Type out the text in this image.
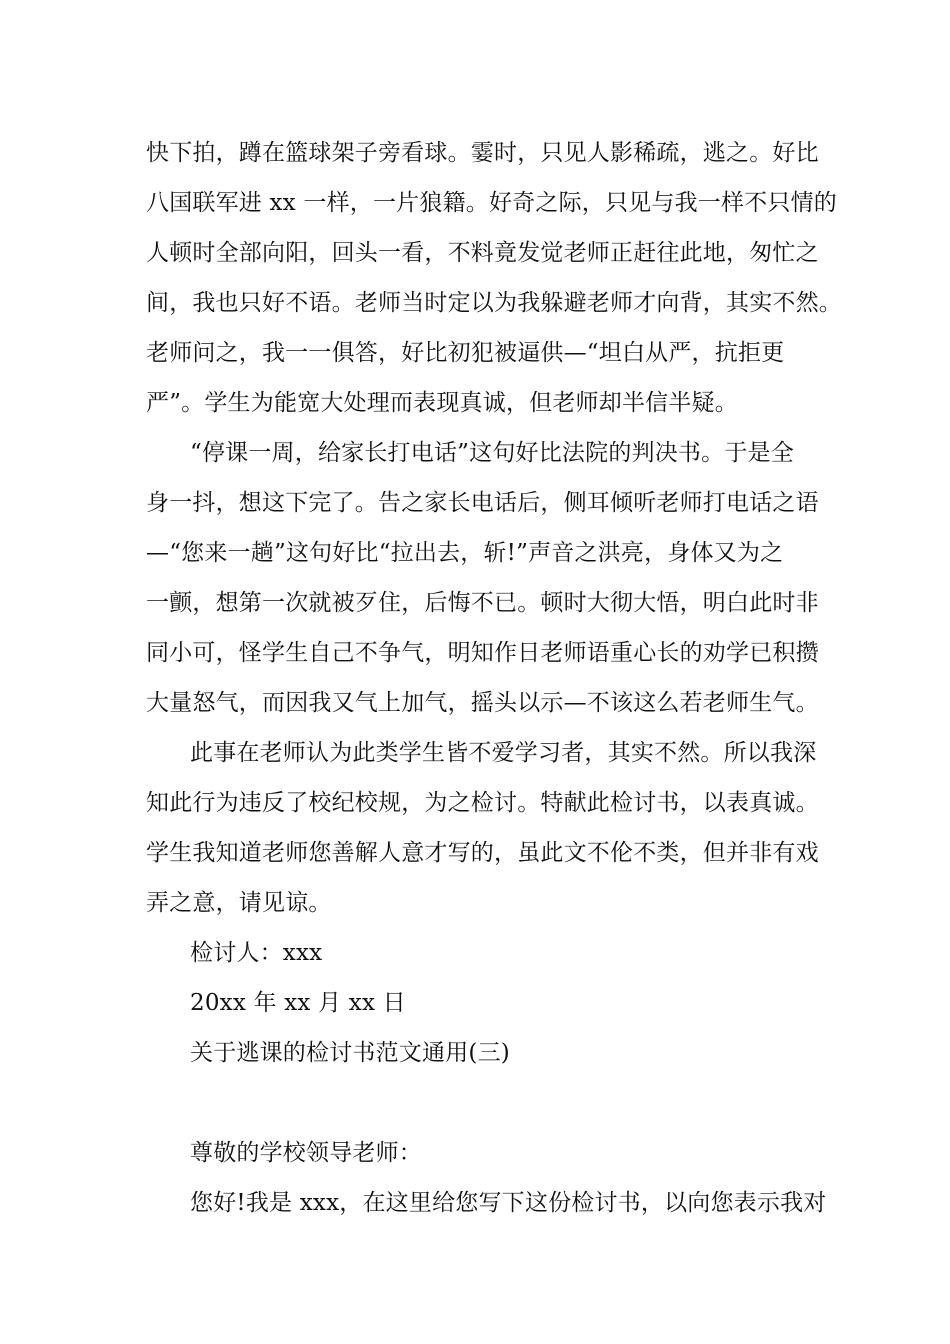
快下拍，蹲在篮球架子旁看球。霎时，只见人影稀疏，逃之。好比
八国联军进 xx 一样，一片狼籍。好奇之际，只见与我一样不只情的
人顿时全部向阳，回头一看，不料竟发觉老师正赶往此地，匆忙之
间，我也只好不语。老师当时定以为我躲避老师才向背，其实不然。
老师问之，我一一俱答，好比初犯被逼供—“坦白从严，抗拒更
严”。学生为能宽大处理而表现真诚，但老师却半信半疑。
“停课一周，给家长打电话”这句好比法院的判决书。于是全
身一抖，想这下完了。告之家长电话后，侧耳倾听老师打电话之语
—“您来一趟”这句好比“拉出去，斩!”声音之洪亮，身体又为之
一颤，想第一次就被歹住，后悔不已。顿时大彻大悟，明白此时非
同小可，怪学生自己不争气，明知作日老师语重心长的劝学已积攒
大量怒气，而因我又气上加气，摇头以示—不该这么若老师生气。
此事在老师认为此类学生皆不爱学习者，其实不然。所以我深
知此行为违反了校纪校规，为之检讨。特献此检讨书，以表真诚。
学生我知道老师您善解人意才写的，虽此文不伦不类，但并非有戏
弄之意，请见谅。
检讨人：xxx
20xx 年 xx 月 xx 日
关于逃课的检讨书范文通用(三)
尊敬的学校领导老师：
您好!我是 xxx，在这里给您写下这份检讨书，以向您表示我对
